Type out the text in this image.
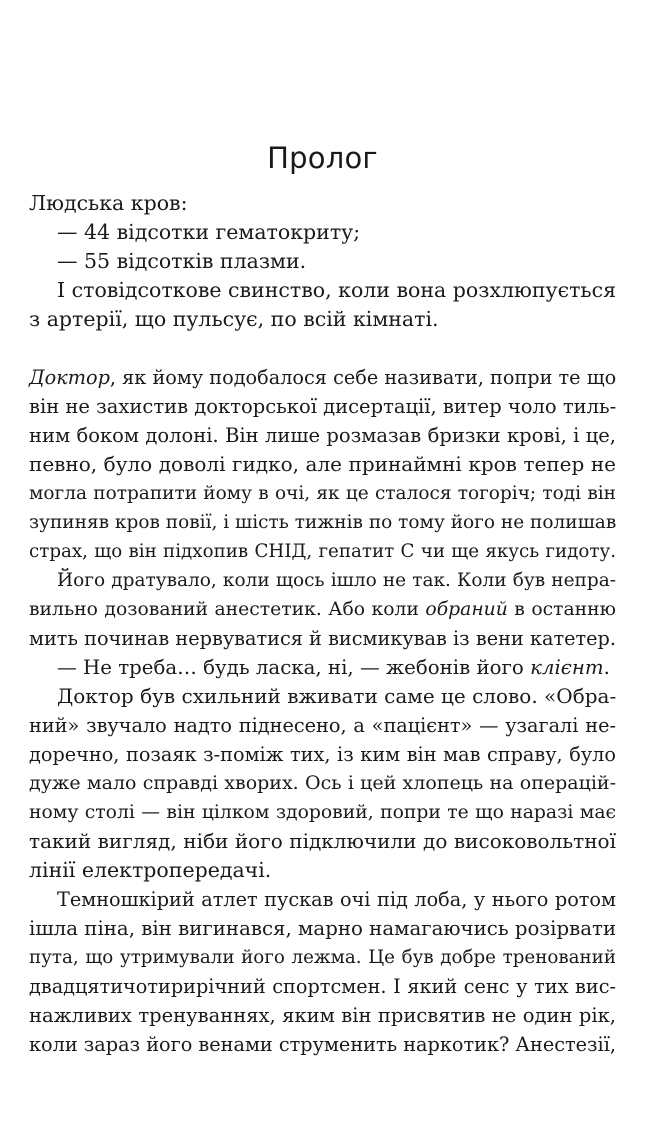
Пролог
Людська кров:
— 44 відсотки гематокриту;
— 55 відсотків плазми.
І стовідсоткове свинство, коли вона розхлюпується
з артерії, що пульсує, по всій кімнаті.
Доктор, як йому подобалося себе називати, попри те що
він не захистив докторської дисертації, витер чоло тиль-
ним боком долоні. Він лише розмазав бризки крові, і це,
певно, було доволі гидко, але принаймні кров тепер не
могла потрапити йому в очі, як це сталося тогоріч; тоді він
зупиняв кров повії, і шість тижнів по тому його не полишав
страх, що він підхопив СНІД, гепатит С чи ще якусь гидоту.
Його дратувало, коли щось ішло не так. Коли був непра-
вильно дозований анестетик. Або коли обраний в останню
мить починав нервуватися й висмикував із вени катетер.
— Не треба… будь ласка, ні, — жебонів його клієнт.
Доктор був схильний вживати саме це слово. «Обра-
ний» звучало надто піднесено, а «пацієнт» — узагалі не-
доречно, позаяк з-поміж тих, із ким він мав справу, було
дуже мало справді хворих. Ось і цей хлопець на операцій-
ному столі — він цілком здоровий, попри те що наразі має
такий вигляд, ніби його підключили до високовольтної
лінії електропередачі.
Темношкірий атлет пускав очі під лоба, у нього ротом
ішла піна, він вигинався, марно намагаючись розірвати
пута, що утримували його лежма. Це був добре тренований
двадцятичотирирічний спортсмен. І який сенс у тих вис-
нажливих тренуваннях, яким він присвятив не один рік,
коли зараз його венами струменить наркотик? Анестезії,
